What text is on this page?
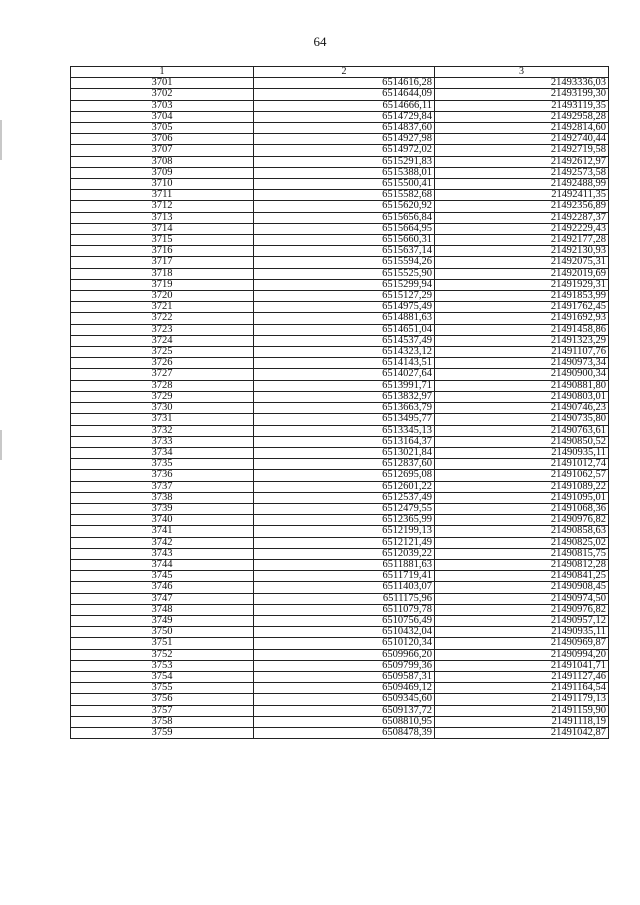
64
1	2	3
3701	6514616,28	21493336,03
3702	6514644,09	21493199,30
3703	6514666,11	21493119,35
3704	6514729,84	21492958,28
3705	6514837,60	21492814,60
3706	6514927,98	21492740,44
3707	6514972,02	21492719,58
3708	6515291,83	21492612,97
3709	6515388,01	21492573,58
3710	6515500,41	21492488,99
3711	6515582,68	21492411,35
3712	6515620,92	21492356,89
3713	6515656,84	21492287,37
3714	6515664,95	21492229,43
3715	6515660,31	21492177,28
3716	6515637,14	21492130,93
3717	6515594,26	21492075,31
3718	6515525,90	21492019,69
3719	6515299,94	21491929,31
3720	6515127,29	21491853,99
3721	6514975,49	21491762,45
3722	6514881,63	21491692,93
3723	6514651,04	21491458,86
3724	6514537,49	21491323,29
3725	6514323,12	21491107,76
3726	6514143,51	21490973,34
3727	6514027,64	21490900,34
3728	6513991,71	21490881,80
3729	6513832,97	21490803,01
3730	6513663,79	21490746,23
3731	6513495,77	21490735,80
3732	6513345,13	21490763,61
3733	6513164,37	21490850,52
3734	6513021,84	21490935,11
3735	6512837,60	21491012,74
3736	6512695,08	21491062,57
3737	6512601,22	21491089,22
3738	6512537,49	21491095,01
3739	6512479,55	21491068,36
3740	6512365,99	21490976,82
3741	6512199,13	21490858,63
3742	6512121,49	21490825,02
3743	6512039,22	21490815,75
3744	6511881,63	21490812,28
3745	6511719,41	21490841,25
3746	6511403,07	21490908,45
3747	6511175,96	21490974,50
3748	6511079,78	21490976,82
3749	6510756,49	21490957,12
3750	6510432,04	21490935,11
3751	6510120,34	21490969,87
3752	6509966,20	21490994,20
3753	6509799,36	21491041,71
3754	6509587,31	21491127,46
3755	6509469,12	21491164,54
3756	6509345,60	21491179,13
3757	6509137,72	21491159,90
3758	6508810,95	21491118,19
3759	6508478,39	21491042,87
